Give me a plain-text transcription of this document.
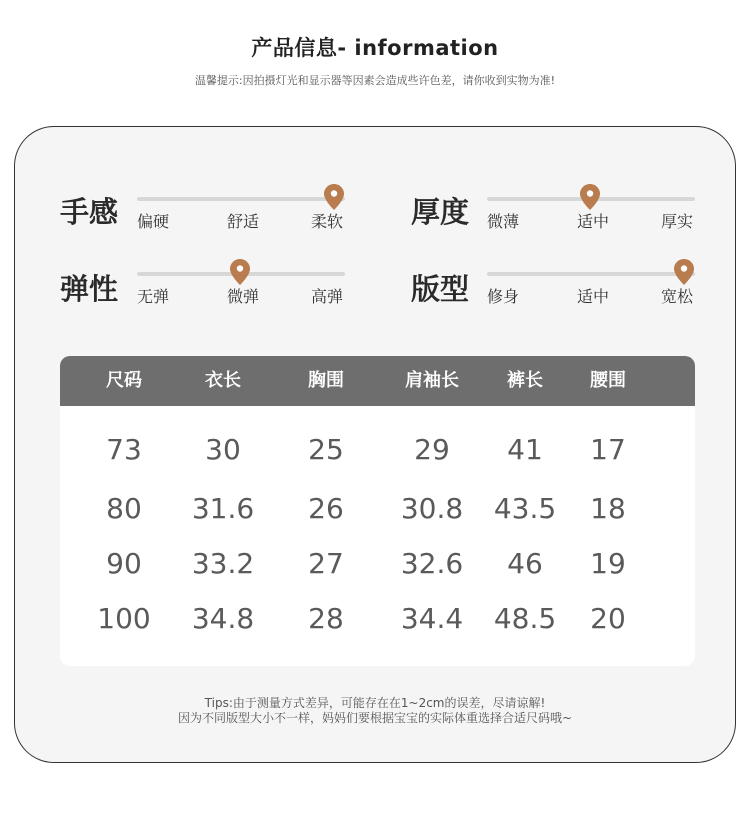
产品信息- information
温馨提示:因拍摄灯光和显示器等因素会造成些许色差，请你收到实物为准!
手感 偏硬	舒适	柔软 厚度 微薄	适中	厚实
弹性 无弹	微弹	高弹 版型 修身	适中	宽松
尺码	衣长	胸围	肩袖长	裤长	腰围
73 30 25	29 41 17
80 31.6 26 30.8 43.5 18
90 33.2 27 32.6 46 19
100 34.8 28 34.4 48.5 20
Tips:由于测量方式差异，可能存在在1~2cm的误差，尽请谅解!
因为不同版型大小不一样，妈妈们要根据宝宝的实际体重选择合适尺码哦~
